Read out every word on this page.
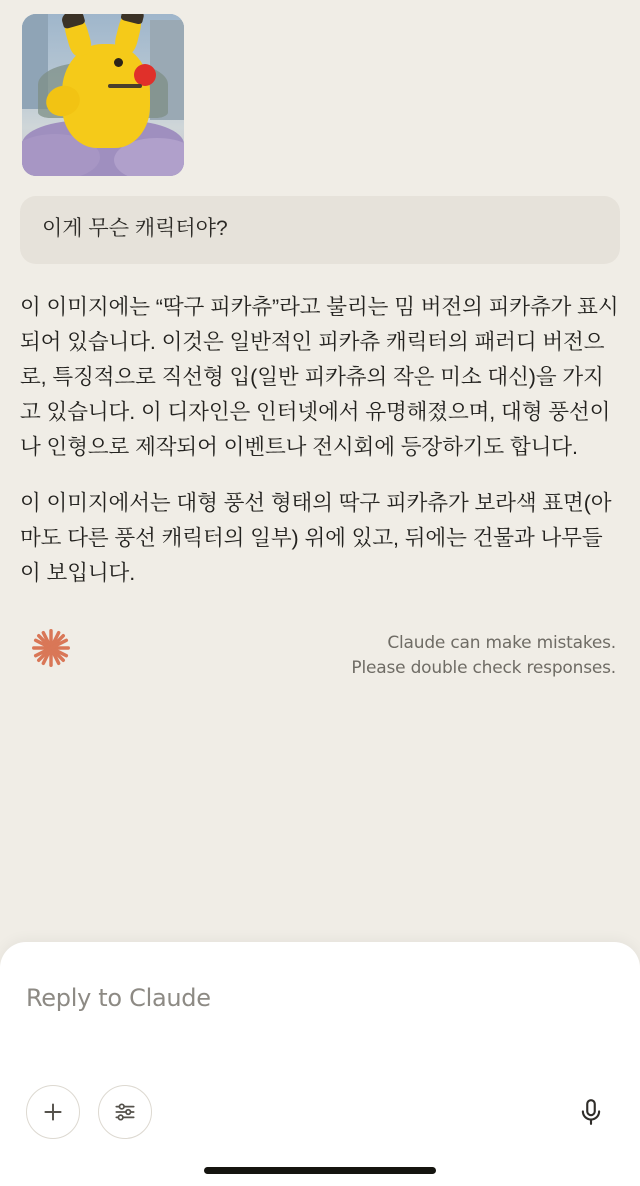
이게 무슨 캐릭터야?

이 이미지에는 “딱구 피카츄”라고 불리는 밈 버전의 피카츄가 표시되어 있습니다. 이것은 일반적인 피카츄 캐릭터의 패러디 버전으로, 특징적으로 직선형 입(일반 피카츄의 작은 미소 대신)을 가지고 있습니다. 이 디자인은 인터넷에서 유명해졌으며, 대형 풍선이나 인형으로 제작되어 이벤트나 전시회에 등장하기도 합니다.

이 이미지에서는 대형 풍선 형태의 딱구 피카츄가 보라색 표면(아마도 다른 풍선 캐릭터의 일부) 위에 있고, 뒤에는 건물과 나무들이 보입니다.

Claude can make mistakes.
Please double check responses.
Reply to Claude
